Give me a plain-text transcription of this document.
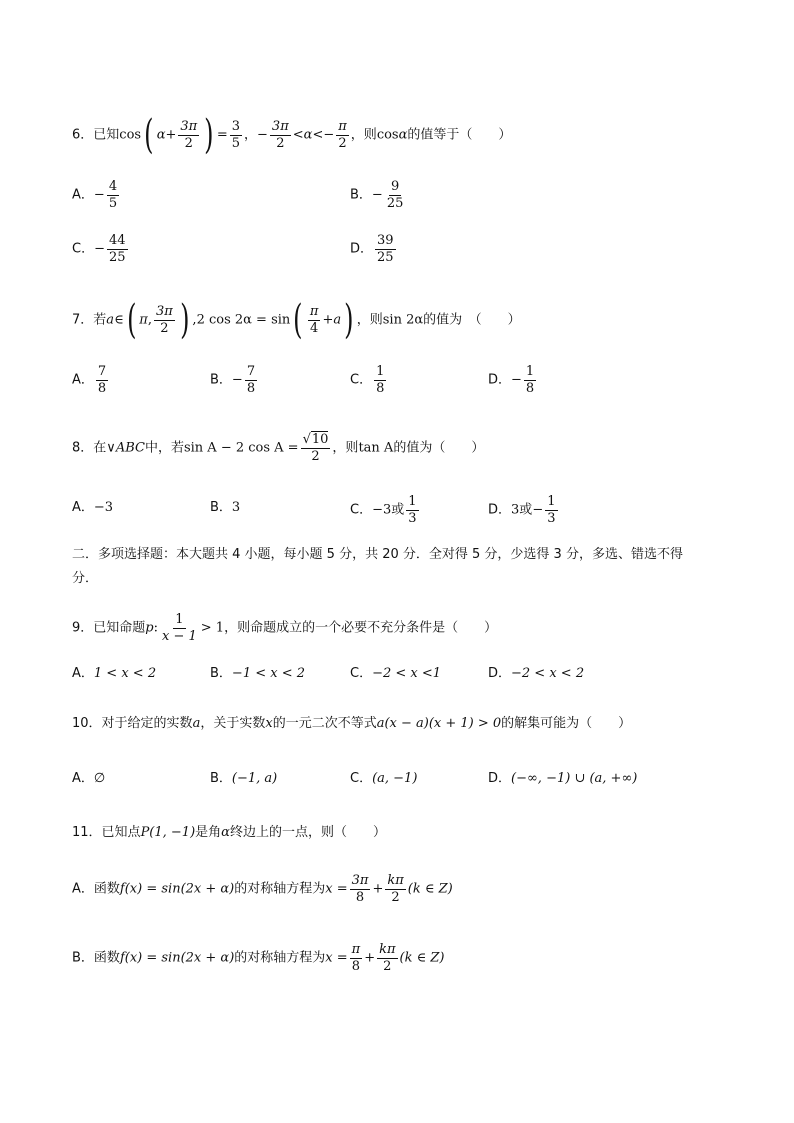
6．已知cos( $\alpha+ \frac{3\pi}{2}$ ) = $\frac{3}{5}$ ，− $\frac{3\pi}{2} <\alpha<- \frac{\pi}{2}$ ，则cosα的值等于（　　）
A．− $\frac{4}{5}$	B．− $\frac{9}{25}$
C．− $\frac{44}{25}$	D． $\frac{39}{25}$
7．若a∈( π, $\frac{3\pi}{2}$ ) ,2 $\cos 2\alpha = \sin( \frac{\pi}{4} +a)$ ，则sin 2α的值为　（　　）
A． $\frac{7}{8}$	B．− $\frac{7}{8}$	C． $\frac{1}{8}$	D．− $\frac{1}{8}$
8．在∨ABC中，若sin A − 2 $\cos A = \frac{√10}{2}$ ，则tan A的值为（　　）
A．−3	B．3	C．−3或 $\frac{1}{3}$	D．3或− $\frac{1}{3}$
二．多项选择题：本大题共 4 小题，每小题 5 分，共 20 分．全对得 5 分，少选得 3 分，多选、错选不得
分．
9．已知命题p: $\frac{1}{x - 1} > 1$，则命题成立的一个必要不充分条件是（　　）
A．1 < x < 2	B．−1 < x < 2	C．−2 < x <1	D．−2 < x < 2
10．对于给定的实数a，关于实数x的一元二次不等式a(x − a)(x + 1) > 0的解集可能为（　　）
A．∅	B．(−1, a)	C．(a, −1)	D．(−∞, −1) ∪ (a, +∞)
11．已知点P(1, −1)是角α终边上的一点，则（　　）
A．函数f(x) = sin(2x + α)的对称轴方程为$x = \frac{3\pi}{8} + \frac{k\pi}{2} (k$ ∈ Z)
B．函数f(x) = sin(2x + α)的对称轴方程为$x = \frac{\pi}{8} + \frac{k\pi}{2} (k$ ∈ Z)
